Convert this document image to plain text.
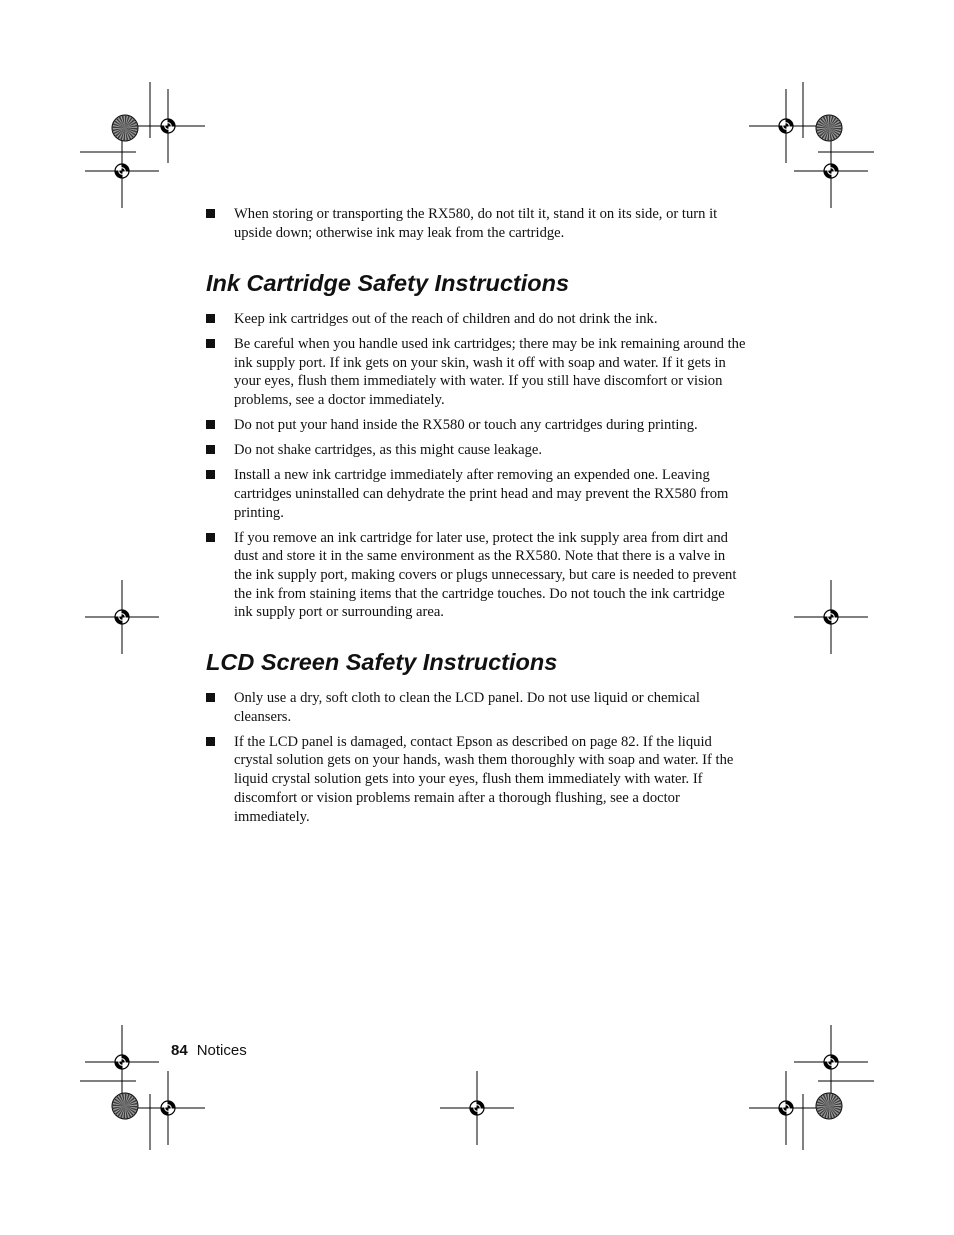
When storing or transporting the RX580, do not tilt it, stand it on its side, or turn it upside down; otherwise ink may leak from the cartridge.
Ink Cartridge Safety Instructions
Keep ink cartridges out of the reach of children and do not drink the ink.
Be careful when you handle used ink cartridges; there may be ink remaining around the ink supply port. If ink gets on your skin, wash it off with soap and water. If it gets in your eyes, flush them immediately with water. If you still have discomfort or vision problems, see a doctor immediately.
Do not put your hand inside the RX580 or touch any cartridges during printing.
Do not shake cartridges, as this might cause leakage.
Install a new ink cartridge immediately after removing an expended one. Leaving cartridges uninstalled can dehydrate the print head and may prevent the RX580 from printing.
If you remove an ink cartridge for later use, protect the ink supply area from dirt and dust and store it in the same environment as the RX580. Note that there is a valve in the ink supply port, making covers or plugs unnecessary, but care is needed to prevent the ink from staining items that the cartridge touches. Do not touch the ink cartridge ink supply port or surrounding area.
LCD Screen Safety Instructions
Only use a dry, soft cloth to clean the LCD panel. Do not use liquid or chemical cleansers.
If the LCD panel is damaged, contact Epson as described on page 82. If the liquid crystal solution gets on your hands, wash them thoroughly with soap and water. If the liquid crystal solution gets into your eyes, flush them immediately with water. If discomfort or vision problems remain after a thorough flushing, see a doctor immediately.
84 Notices
